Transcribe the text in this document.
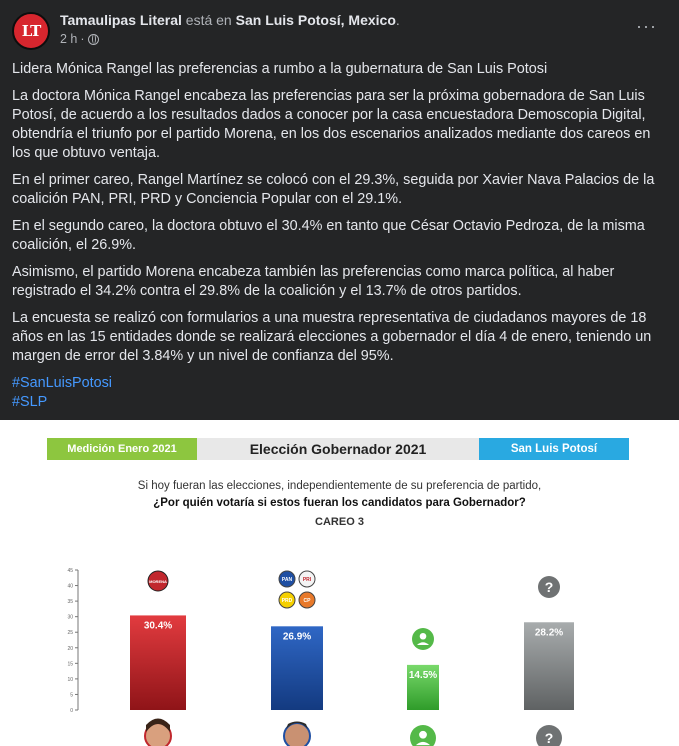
LT
Tamaulipas Literal está en San Luis Potosí, Mexico.
2 h ·
···

Lidera Mónica Rangel las preferencias a rumbo a la gubernatura de San Luis Potosi

La doctora Mónica Rangel encabeza las preferencias para ser la próxima gobernadora de San Luis Potosí, de acuerdo a los resultados dados a conocer por la casa encuestadora Demoscopia Digital, obtendría el triunfo por el partido Morena, en los dos escenarios analizados mediante dos careos en los que obtuvo ventaja.

En el primer careo, Rangel Martínez se colocó con el 29.3%, seguida por Xavier Nava Palacios de la coalición PAN, PRI, PRD y Conciencia Popular con el 29.1%.

En el segundo careo, la doctora obtuvo el 30.4% en tanto que César Octavio Pedroza, de la misma coalición, el 26.9%.

Asimismo, el partido Morena encabeza también las preferencias como marca política, al haber registrado el 34.2% contra el 29.8% de la coalición y el 13.7% de otros partidos.

La encuesta se realizó con formularios a una muestra representativa de ciudadanos mayores de 18 años en las 15 entidades donde se realizará elecciones a gobernador el día 4 de enero, teniendo un margen de error del 3.84% y un nivel de confianza del 95%.

#SanLuisPotosi
#SLP
Medición Enero 2021	Elección Gobernador 2021	San Luis Potosí
Si hoy fueran las elecciones, independientemente de su preferencia de partido,
¿Por quién votaría si estos fueran los candidatos para Gobernador?
CAREO 3
0
5
10
15
20
25
30
35
40
45
30.4%
26.9%
14.5%
28.2%
MORENA	PAN PRI
PRD CP
?
?
